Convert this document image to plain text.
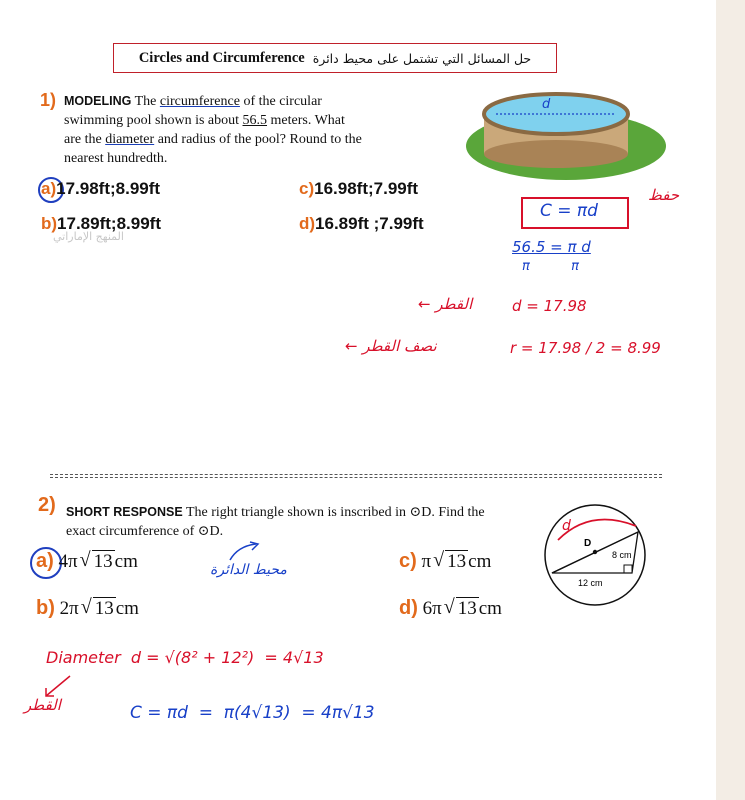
Circles and Circumference حل المسائل التي تشتمل على محيط دائرة
1) MODELING The circumference of the circular swimming pool shown is about 56.5 meters. What are the diameter and radius of the pool? Round to the nearest hundredth.
d
a)17.98ft;8.99ft
b)17.89ft;8.99ft
c)16.98ft;7.99ft
d)16.89ft ;7.99ft
المنهج الإماراتي
حفظ
C = πd
56.5 = π d
π          π
القطر ←	d = 17.98
نصف القطر ←	r = 17.98 / 2 = 8.99
2) SHORT RESPONSE The right triangle shown is inscribed in ⊙D. Find the exact circumference of ⊙D.
D
8 cm
12 cm
d
a) 4π √ 13 cm
b) 2π √ 13 cm
c) π √ 13 cm
d) 6π √ 13 cm
محيط الدائرة
Diameter  d = √(8² + 12²)  = 4√13
القطر	C = πd  =  π(4√13)  = 4π√13
